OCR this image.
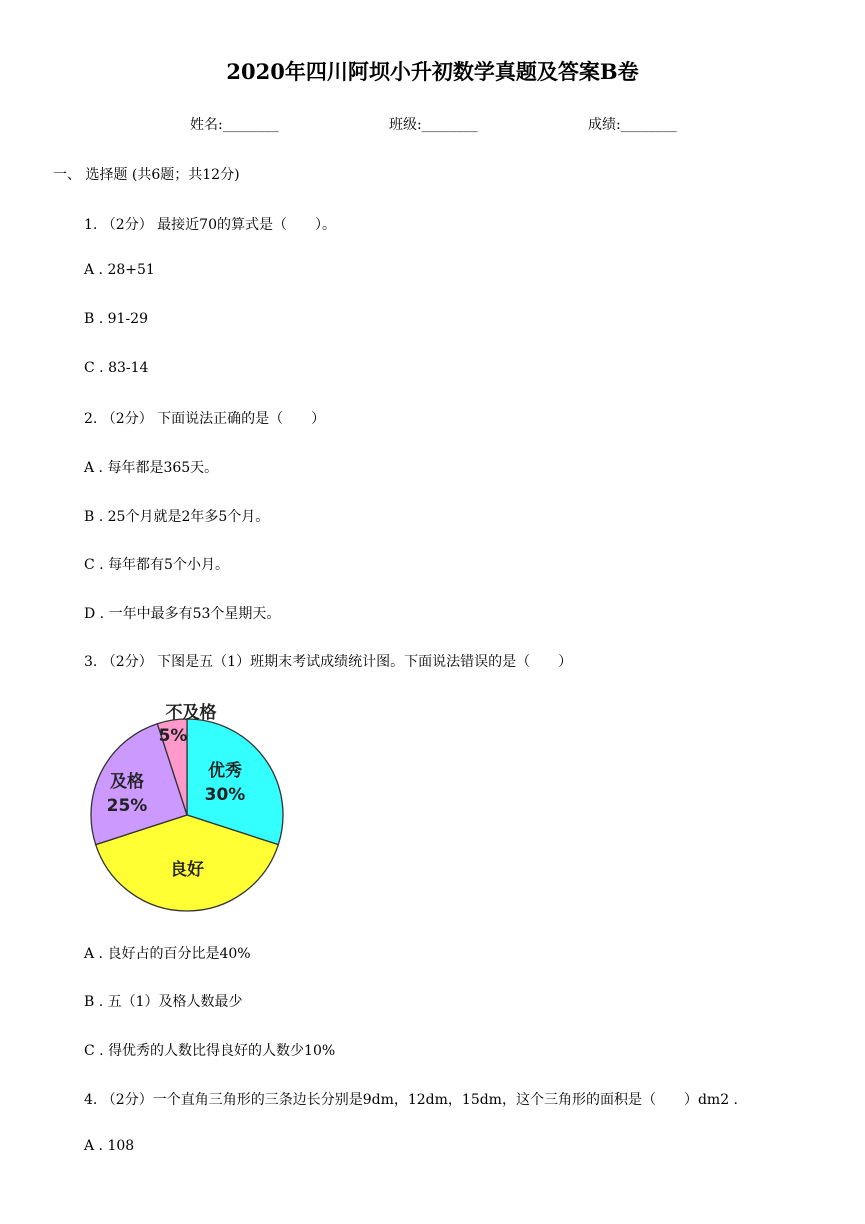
2020年四川阿坝小升初数学真题及答案B卷
姓名:________	班级:________	成绩:________
一、 选择题 (共6题；共12分)
1. （2分） 最接近70的算式是（　　）。
A . 28+51
B . 91-29
C . 83-14
2. （2分） 下面说法正确的是（　　）
A . 每年都是365天。
B . 25个月就是2年多5个月。
C . 每年都有5个小月。
D . 一年中最多有53个星期天。
3. （2分） 下图是五（1）班期末考试成绩统计图。下面说法错误的是（　　）
优秀
30%
良好
及格
25%
不及格
5%
A . 良好占的百分比是40%
B . 五（1）及格人数最少
C . 得优秀的人数比得良好的人数少10%
4. （2分）一个直角三角形的三条边长分别是9dm，12dm，15dm，这个三角形的面积是（　　）dm2 .
A . 108
